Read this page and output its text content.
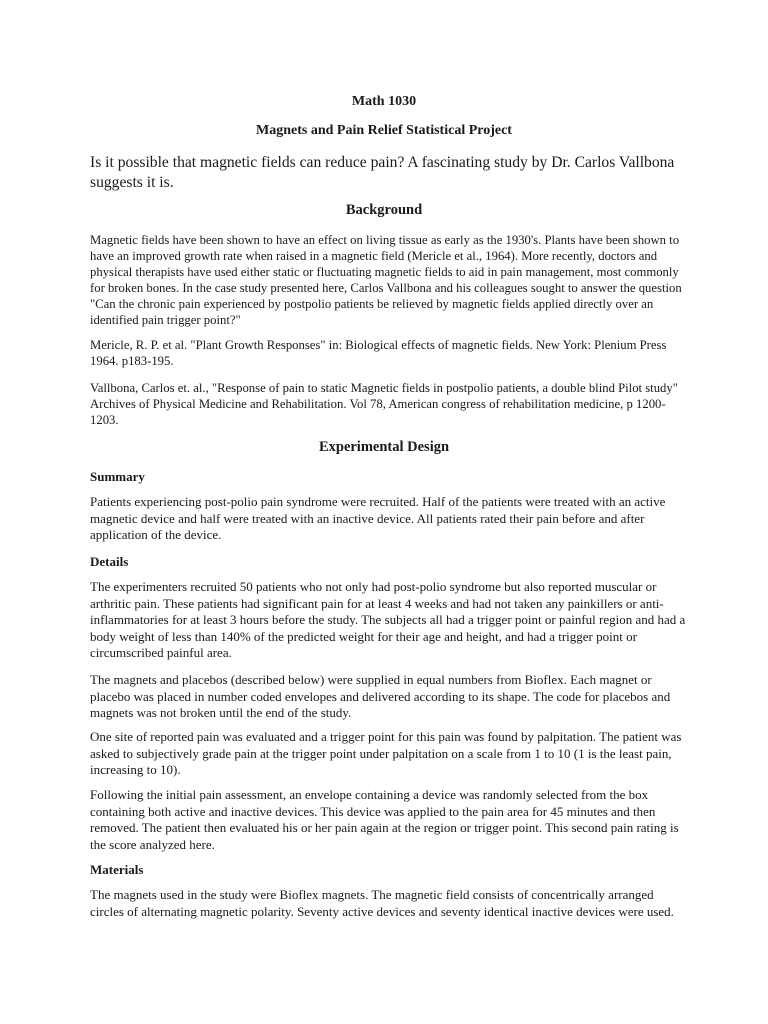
Math 1030
Magnets and Pain Relief Statistical Project
Is it possible that magnetic fields can reduce pain? A fascinating study by Dr. Carlos Vallbona suggests it is.
Background
Magnetic fields have been shown to have an effect on living tissue as early as the 1930's. Plants have been shown to have an improved growth rate when raised in a magnetic field (Mericle et al., 1964). More recently, doctors and physical therapists have used either static or fluctuating magnetic fields to aid in pain management, most commonly for broken bones. In the case study presented here, Carlos Vallbona and his colleagues sought to answer the question "Can the chronic pain experienced by postpolio patients be relieved by magnetic fields applied directly over an identified pain trigger point?"
Mericle, R. P. et al. "Plant Growth Responses" in: Biological effects of magnetic fields. New York: Plenium Press 1964. p183-195.
Vallbona, Carlos et. al., "Response of pain to static Magnetic fields in postpolio patients, a double blind Pilot study" Archives of Physical Medicine and Rehabilitation. Vol 78, American congress of rehabilitation medicine, p 1200-1203.
Experimental Design
Summary
Patients experiencing post-polio pain syndrome were recruited. Half of the patients were treated with an active magnetic device and half were treated with an inactive device. All patients rated their pain before and after application of the device.
Details
The experimenters recruited 50 patients who not only had post-polio syndrome but also reported muscular or arthritic pain. These patients had significant pain for at least 4 weeks and had not taken any painkillers or anti-inflammatories for at least 3 hours before the study. The subjects all had a trigger point or painful region and had a body weight of less than 140% of the predicted weight for their age and height, and had a trigger point or circumscribed painful area.
The magnets and placebos (described below) were supplied in equal numbers from Bioflex. Each magnet or placebo was placed in number coded envelopes and delivered according to its shape. The code for placebos and magnets was not broken until the end of the study.
One site of reported pain was evaluated and a trigger point for this pain was found by palpitation. The patient was asked to subjectively grade pain at the trigger point under palpitation on a scale from 1 to 10 (1 is the least pain, increasing to 10).
Following the initial pain assessment, an envelope containing a device was randomly selected from the box containing both active and inactive devices. This device was applied to the pain area for 45 minutes and then removed. The patient then evaluated his or her pain again at the region or trigger point. This second pain rating is the score analyzed here.
Materials
The magnets used in the study were Bioflex magnets. The magnetic field consists of concentrically arranged circles of alternating magnetic polarity. Seventy active devices and seventy identical inactive devices were used.
